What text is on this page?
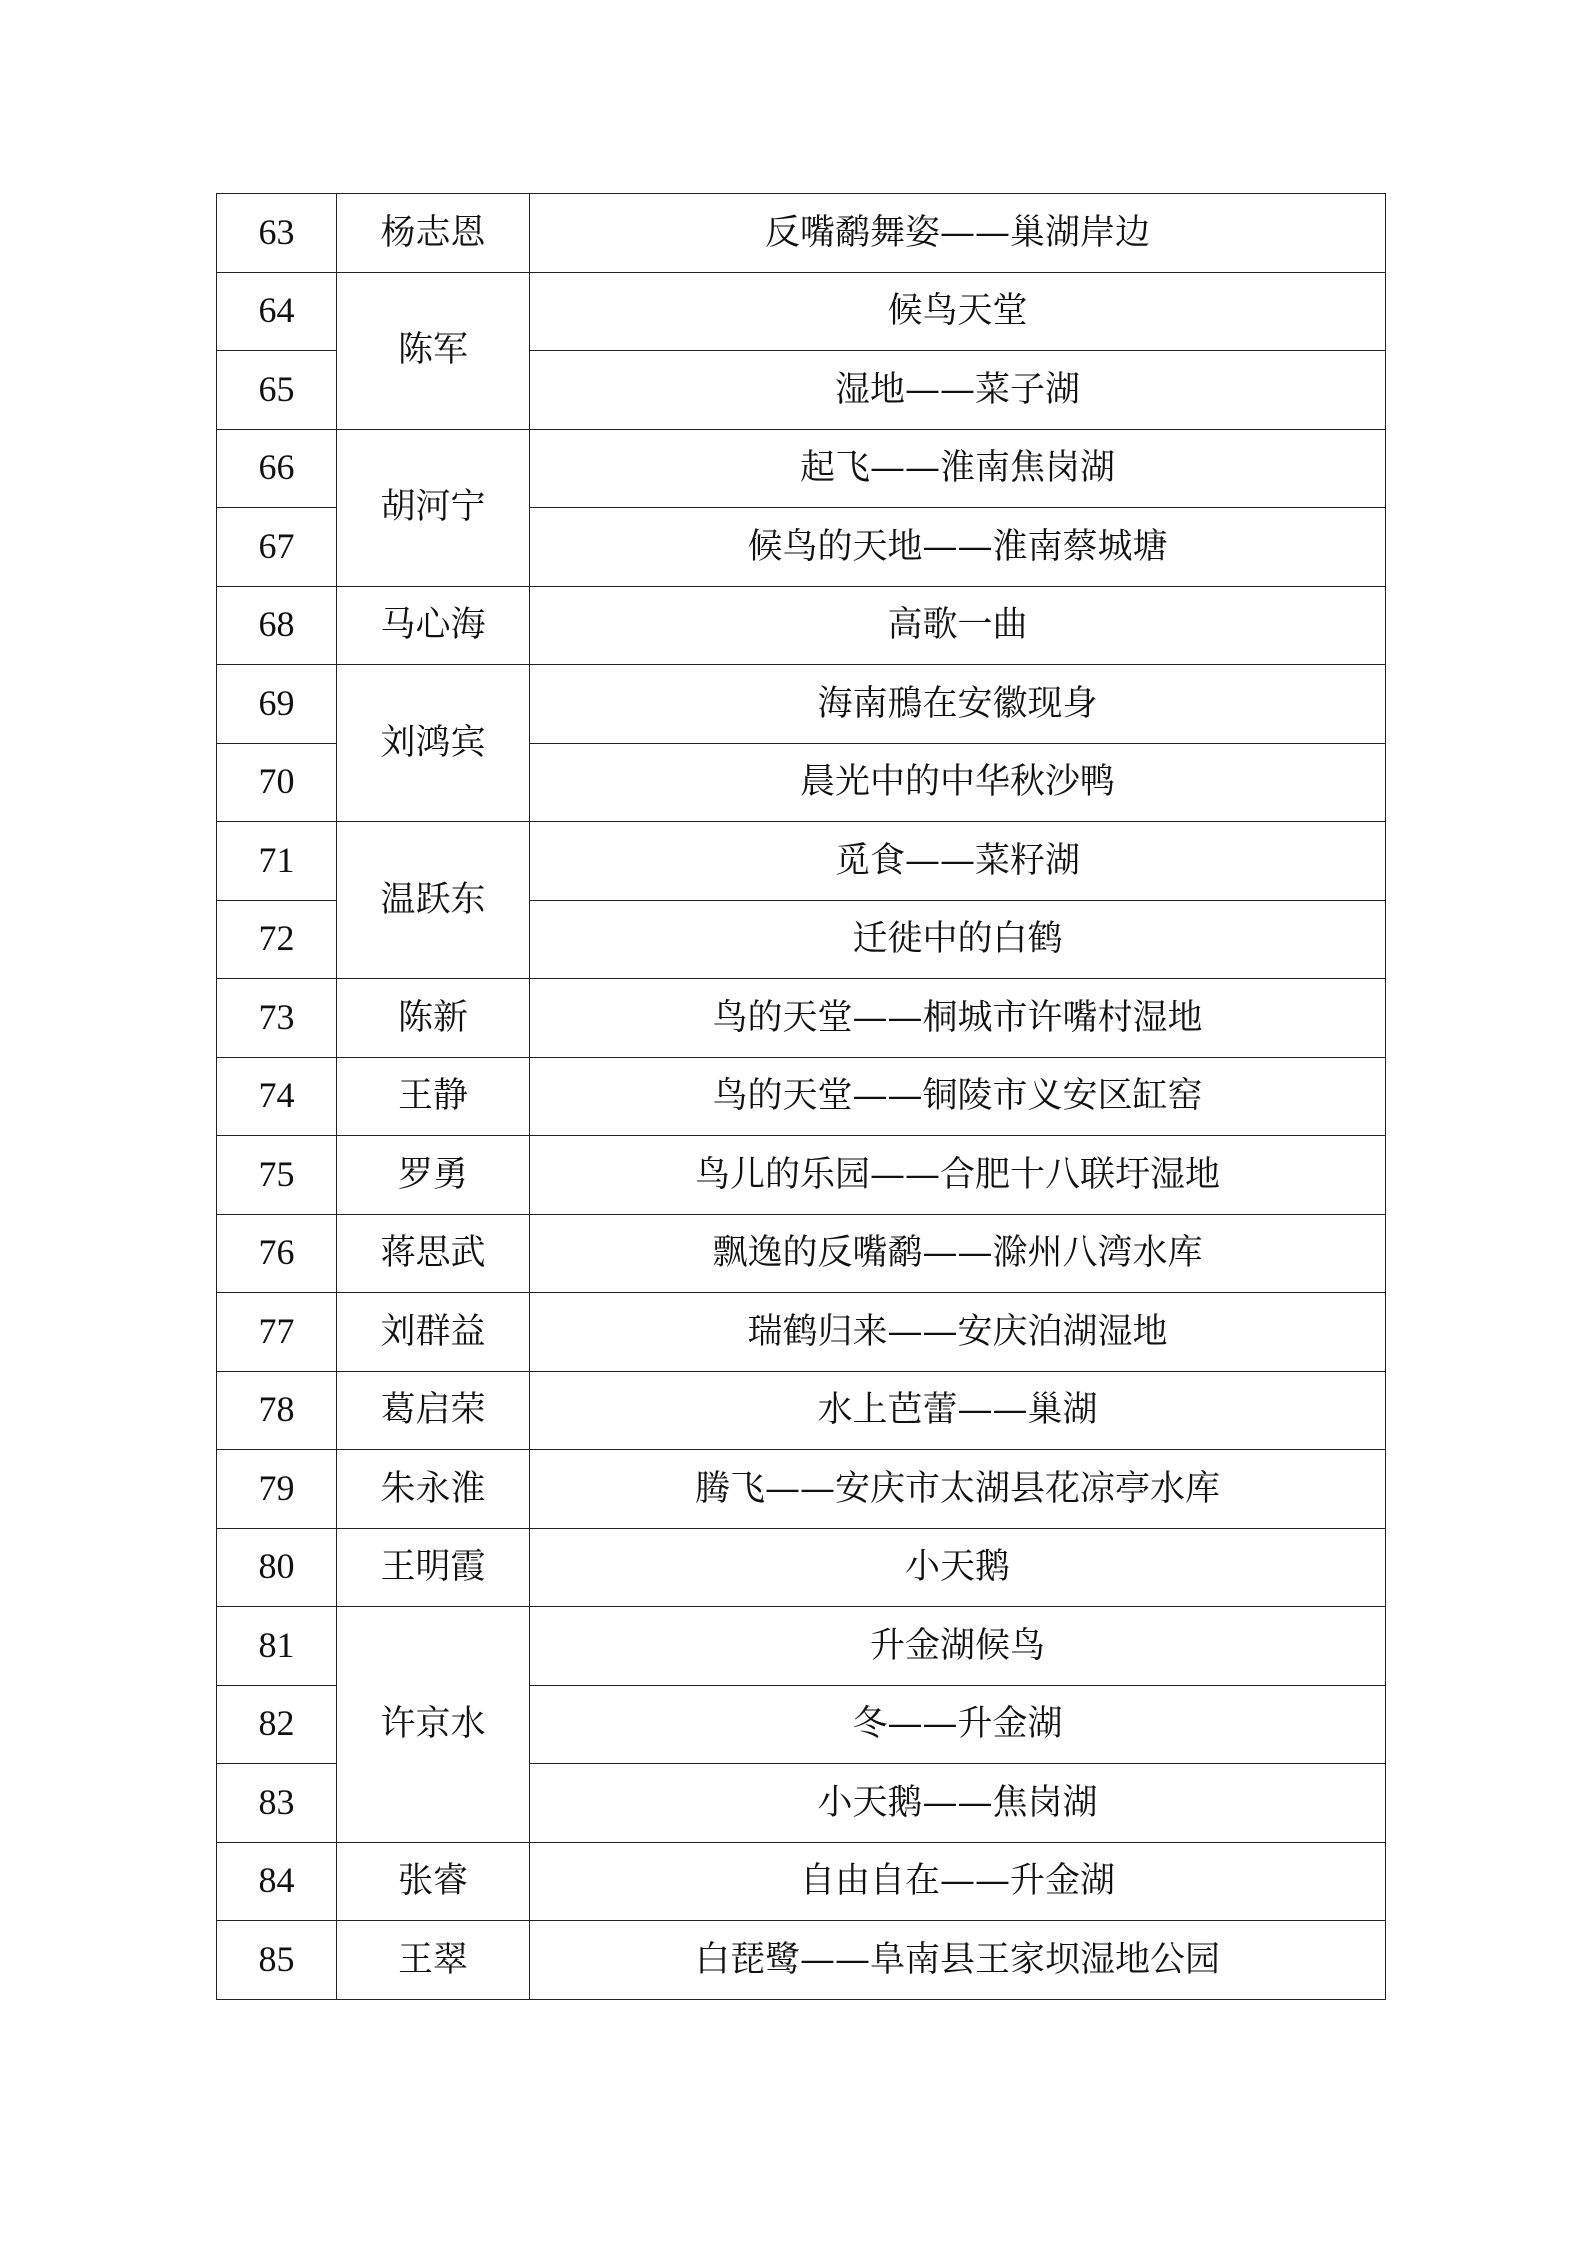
63	杨志恩	反嘴鹬舞姿——巢湖岸边
64	陈军	候鸟天堂
65		湿地——菜子湖
66	胡河宁	起飞——淮南焦岗湖
67		候鸟的天地——淮南蔡城塘
68	马心海	高歌一曲
69	刘鸿宾	海南鳽在安徽现身
70		晨光中的中华秋沙鸭
71	温跃东	觅食——菜籽湖
72		迁徙中的白鹤
73	陈新	鸟的天堂——桐城市许嘴村湿地
74	王静	鸟的天堂——铜陵市义安区缸窑
75	罗勇	鸟儿的乐园——合肥十八联圩湿地
76	蒋思武	飘逸的反嘴鹬——滁州八湾水库
77	刘群益	瑞鹤归来——安庆泊湖湿地
78	葛启荣	水上芭蕾——巢湖
79	朱永淮	腾飞——安庆市太湖县花凉亭水库
80	王明霞	小天鹅
81	许京水	升金湖候鸟
82		冬——升金湖
83		小天鹅——焦岗湖
84	张睿	自由自在——升金湖
85	王翠	白琵鹭——阜南县王家坝湿地公园
